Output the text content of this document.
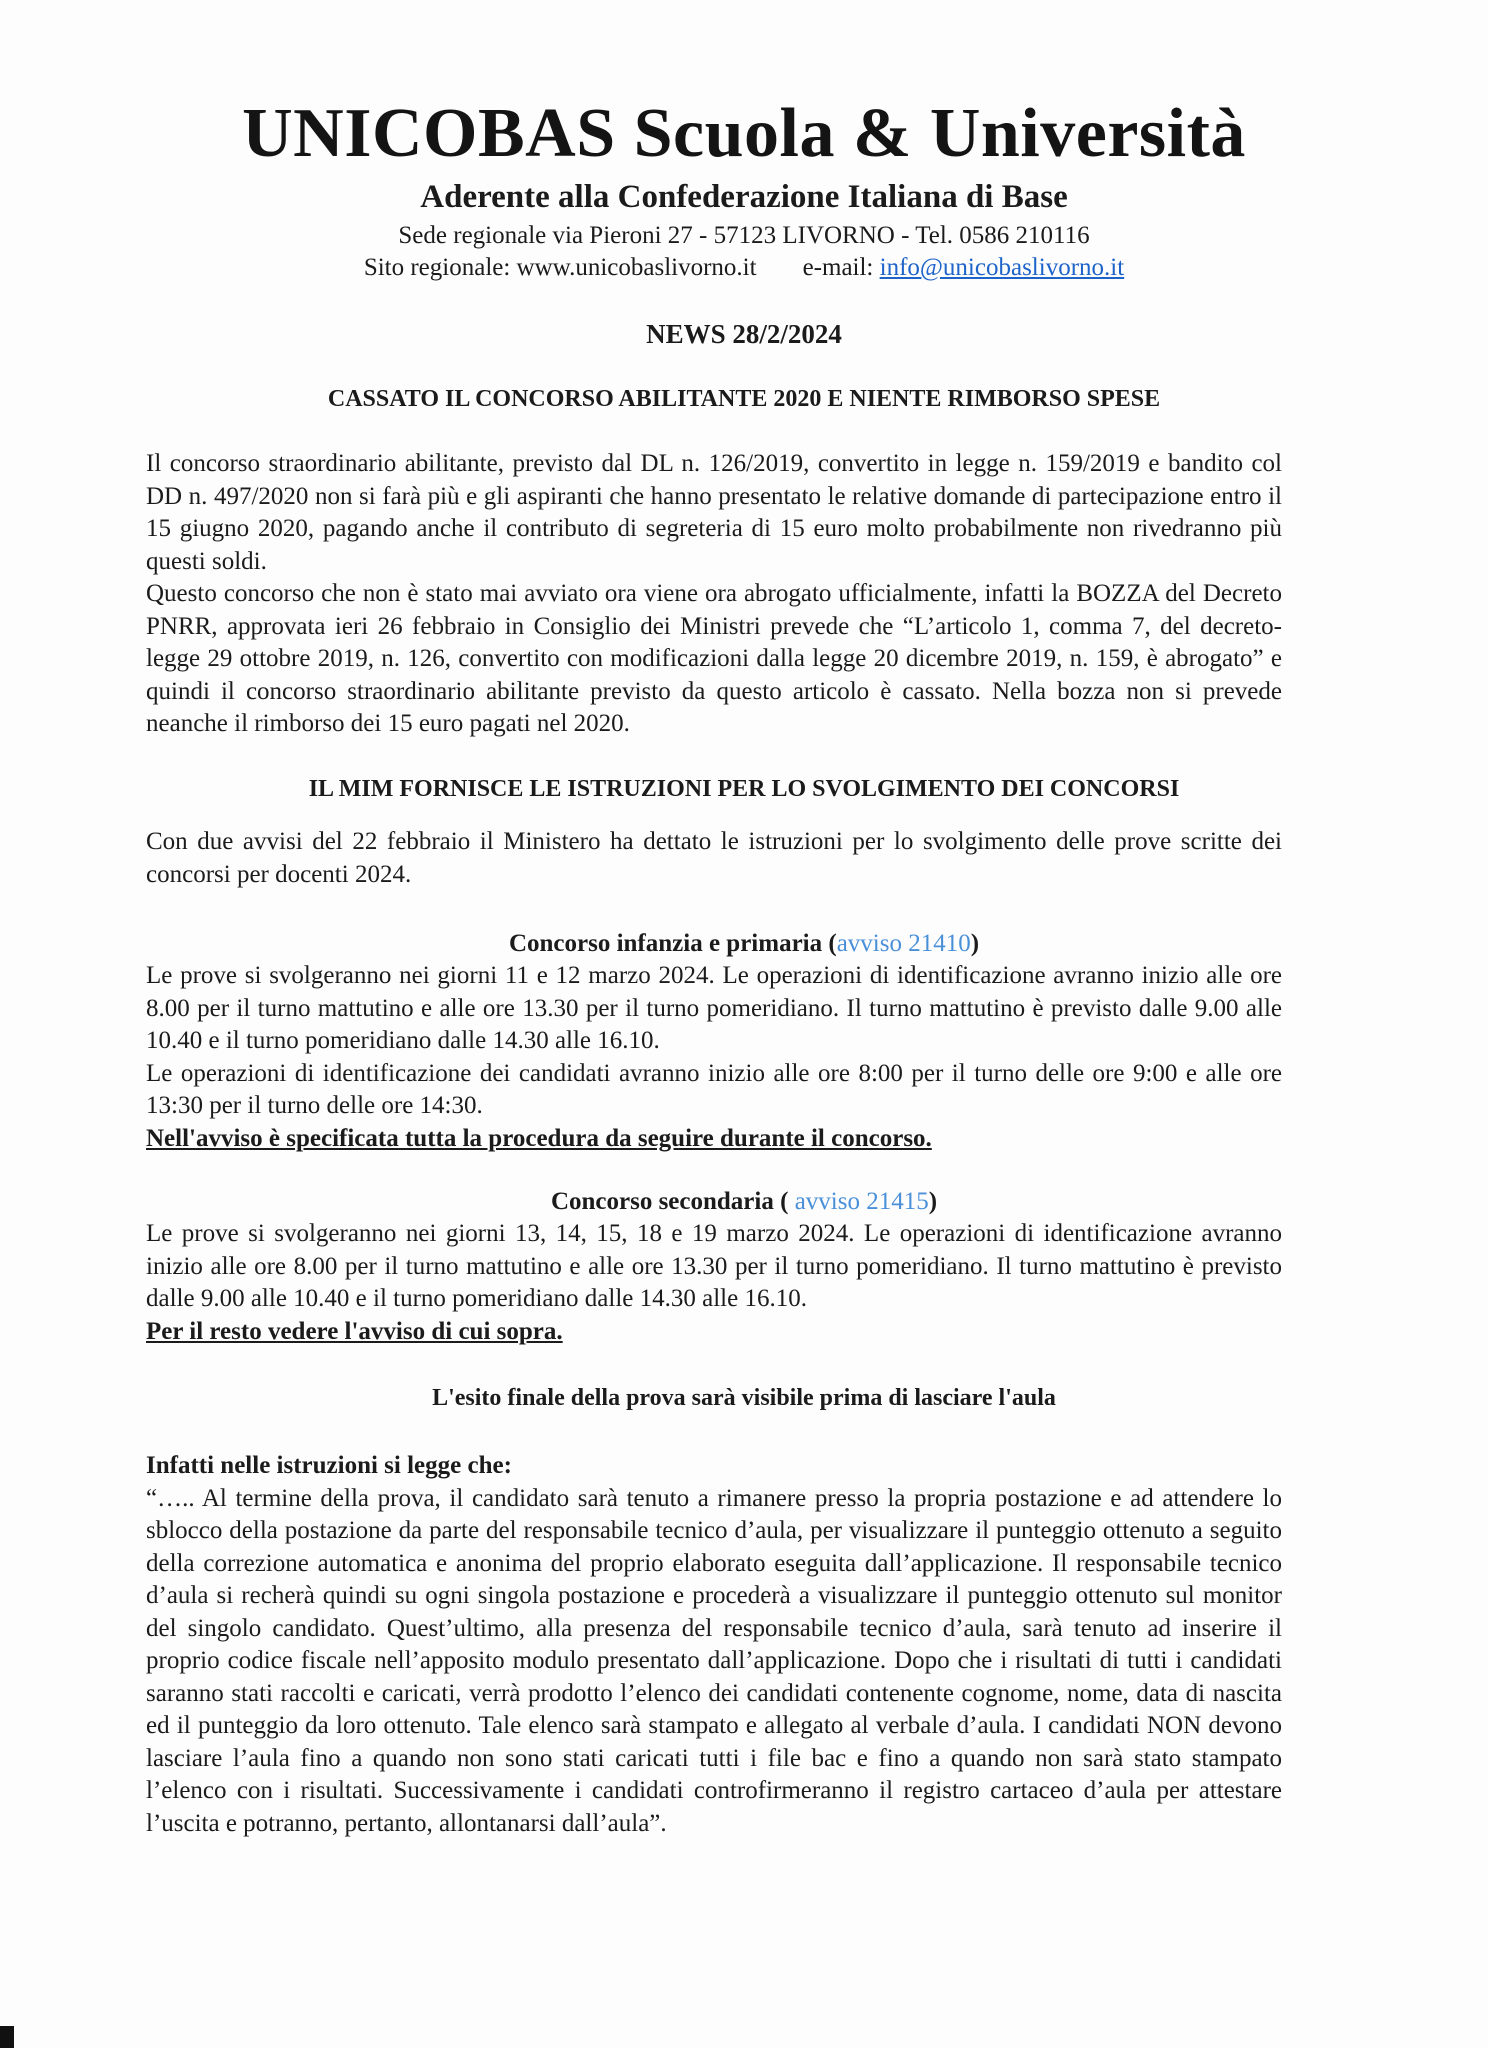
UNICOBAS Scuola & Università
Aderente alla Confederazione Italiana di Base
Sede regionale via Pieroni 27 - 57123 LIVORNO - Tel. 0586 210116
Sito regionale: www.unicobaslivorno.it e-mail: info@unicobaslivorno.it
NEWS 28/2/2024
CASSATO IL CONCORSO ABILITANTE 2020 E NIENTE RIMBORSO SPESE

Il concorso straordinario abilitante, previsto dal DL n. 126/2019, convertito in legge n. 159/2019 e bandito col DD n. 497/2020 non si farà più e gli aspiranti che hanno presentato le relative domande di partecipazione entro il 15 giugno 2020, pagando anche il contributo di segreteria di 15 euro molto probabilmente non rivedranno più questi soldi.

Questo concorso che non è stato mai avviato ora viene ora abrogato ufficialmente, infatti la BOZZA del Decreto PNRR, approvata ieri 26 febbraio in Consiglio dei Ministri prevede che “L’articolo 1, comma 7, del decreto-legge 29 ottobre 2019, n. 126, convertito con modificazioni dalla legge 20 dicembre 2019, n. 159, è abrogato” e quindi il concorso straordinario abilitante previsto da questo articolo è cassato. Nella bozza non si prevede neanche il rimborso dei 15 euro pagati nel 2020.

IL MIM FORNISCE LE ISTRUZIONI PER LO SVOLGIMENTO DEI CONCORSI

Con due avvisi del 22 febbraio il Ministero ha dettato le istruzioni per lo svolgimento delle prove scritte dei concorsi per docenti 2024.

Concorso infanzia e primaria (avviso 21410)
Le prove si svolgeranno nei giorni 11 e 12 marzo 2024. Le operazioni di identificazione avranno inizio alle ore 8.00 per il turno mattutino e alle ore 13.30 per il turno pomeridiano. Il turno mattutino è previsto dalle 9.00 alle 10.40 e il turno pomeridiano dalle 14.30 alle 16.10.
Le operazioni di identificazione dei candidati avranno inizio alle ore 8:00 per il turno delle ore 9:00 e alle ore 13:30 per il turno delle ore 14:30.
Nell'avviso è specificata tutta la procedura da seguire durante il concorso.
Concorso secondaria ( avviso 21415)
Le prove si svolgeranno nei giorni 13, 14, 15, 18 e 19 marzo 2024. Le operazioni di identificazione avranno inizio alle ore 8.00 per il turno mattutino e alle ore 13.30 per il turno pomeridiano. Il turno mattutino è previsto dalle 9.00 alle 10.40 e il turno pomeridiano dalle 14.30 alle 16.10.
Per il resto vedere l'avviso di cui sopra.
L'esito finale della prova sarà visibile prima di lasciare l'aula
Infatti nelle istruzioni si legge che:
“….. Al termine della prova, il candidato sarà tenuto a rimanere presso la propria postazione e ad attendere lo sblocco della postazione da parte del responsabile tecnico d’aula, per visualizzare il punteggio ottenuto a seguito della correzione automatica e anonima del proprio elaborato eseguita dall’applicazione. Il responsabile tecnico d’aula si recherà quindi su ogni singola postazione e procederà a visualizzare il punteggio ottenuto sul monitor del singolo candidato. Quest’ultimo, alla presenza del responsabile tecnico d’aula, sarà tenuto ad inserire il proprio codice fiscale nell’apposito modulo presentato dall’applicazione. Dopo che i risultati di tutti i candidati saranno stati raccolti e caricati, verrà prodotto l’elenco dei candidati contenente cognome, nome, data di nascita ed il punteggio da loro ottenuto. Tale elenco sarà stampato e allegato al verbale d’aula. I candidati NON devono lasciare l’aula fino a quando non sono stati caricati tutti i file bac e fino a quando non sarà stato stampato l’elenco con i risultati. Successivamente i candidati controfirmeranno il registro cartaceo d’aula per attestare l’uscita e potranno, pertanto, allontanarsi dall’aula”.
